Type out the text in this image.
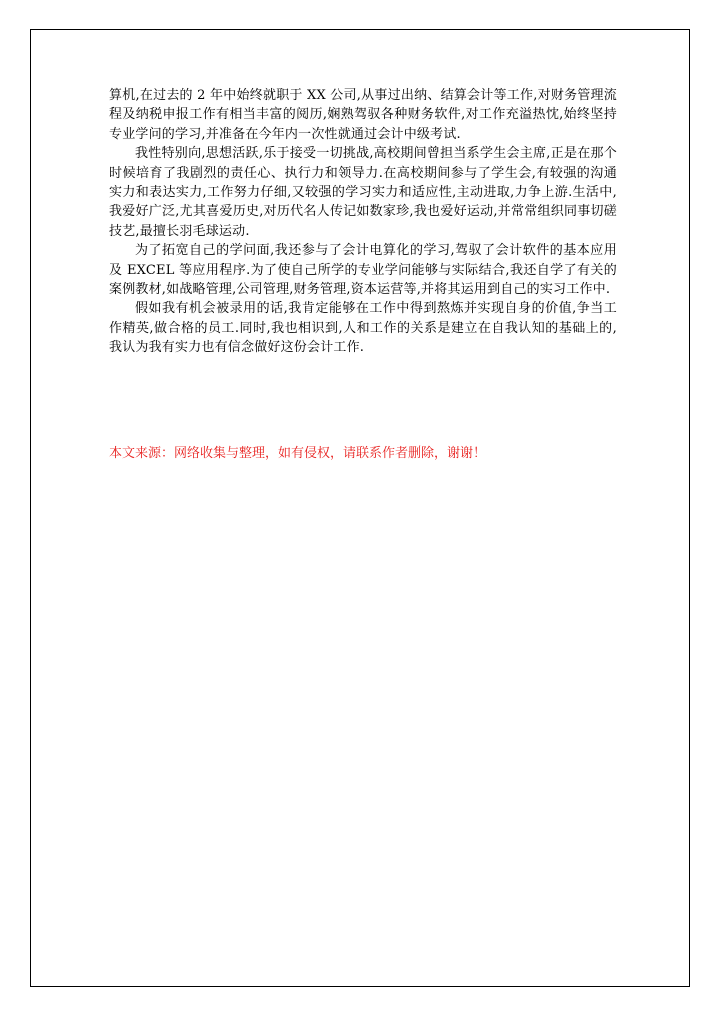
算机,在过去的 2 年中始终就职于 XX 公司,从事过出纳、结算会计等工作,对财务管理流程及纳税申报工作有相当丰富的阅历,娴熟驾驭各种财务软件,对工作充溢热忱,始终坚持专业学问的学习,并准备在今年内一次性就通过会计中级考试.

我性特别向,思想活跃,乐于接受一切挑战,高校期间曾担当系学生会主席,正是在那个时候培育了我剧烈的责任心、执行力和领导力.在高校期间参与了学生会,有较强的沟通实力和表达实力,工作努力仔细,又较强的学习实力和适应性,主动进取,力争上游.生活中,我爱好广泛,尤其喜爱历史,对历代名人传记如数家珍,我也爱好运动,并常常组织同事切磋技艺,最擅长羽毛球运动.

为了拓宽自己的学问面,我还参与了会计电算化的学习,驾驭了会计软件的基本应用及 EXCEL 等应用程序.为了使自己所学的专业学问能够与实际结合,我还自学了有关的案例教材,如战略管理,公司管理,财务管理,资本运营等,并将其运用到自己的实习工作中.

假如我有机会被录用的话,我肯定能够在工作中得到熬炼并实现自身的价值,争当工作精英,做合格的员工.同时,我也相识到,人和工作的关系是建立在自我认知的基础上的,我认为我有实力也有信念做好这份会计工作.

本文来源：网络收集与整理，如有侵权，请联系作者删除，谢谢！
